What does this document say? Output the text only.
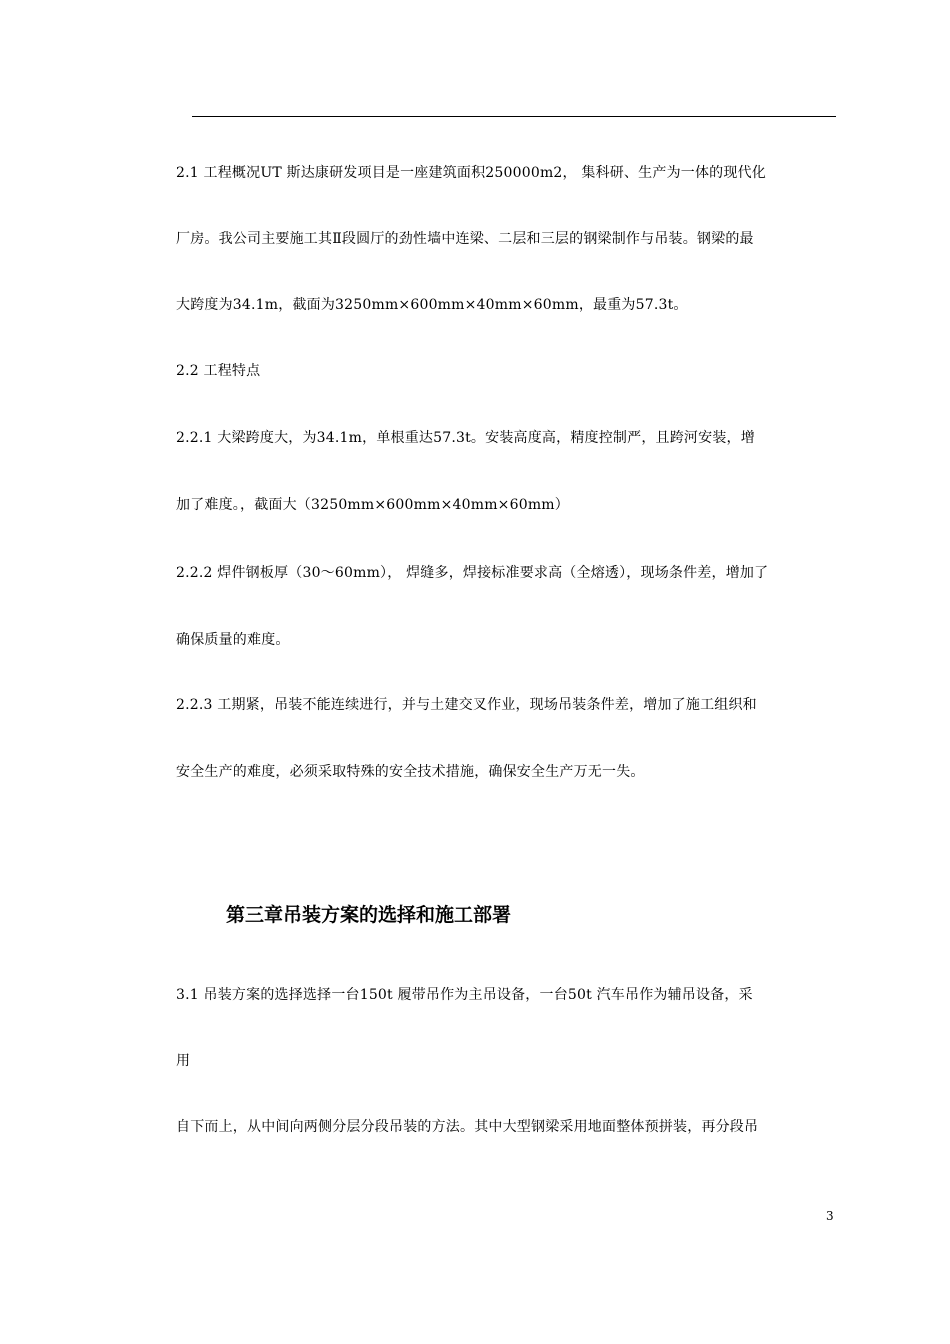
2.1 工程概况UT 斯达康研发项目是一座建筑面积250000m2， 集科研、生产为一体的现代化
厂房。我公司主要施工其Ⅱ段圆厅的劲性墙中连梁、二层和三层的钢梁制作与吊装。钢梁的最
大跨度为34.1m，截面为3250mm×600mm×40mm×60mm，最重为57.3t。
2.2 工程特点
2.2.1 大梁跨度大，为34.1m，单根重达57.3t。安装高度高，精度控制严，且跨河安装，增
加了难度。，截面大（3250mm×600mm×40mm×60mm）
2.2.2 焊件钢板厚（30～60mm）， 焊缝多，焊接标准要求高（全熔透），现场条件差，增加了
确保质量的难度。
2.2.3 工期紧，吊装不能连续进行，并与土建交叉作业，现场吊装条件差，增加了施工组织和
安全生产的难度，必须采取特殊的安全技术措施，确保安全生产万无一失。
第三章吊装方案的选择和施工部署
3.1 吊装方案的选择选择一台150t 履带吊作为主吊设备，一台50t 汽车吊作为辅吊设备，采
用
自下而上，从中间向两侧分层分段吊装的方法。其中大型钢梁采用地面整体预拼装，再分段吊
3
